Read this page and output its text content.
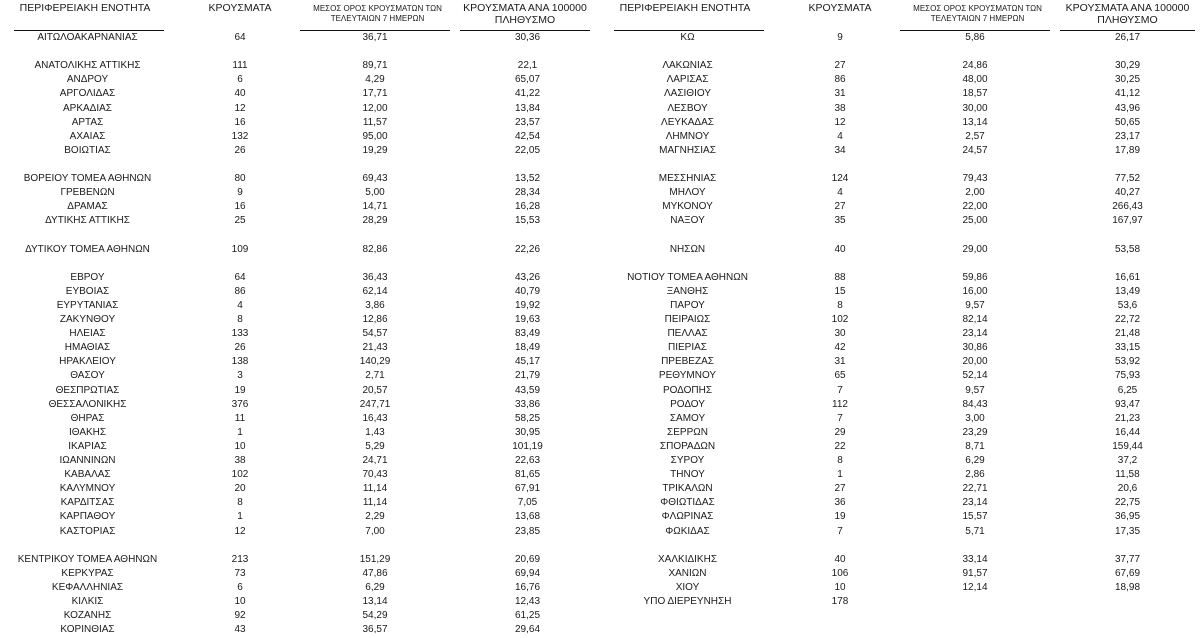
ΠΕΡΙΦΕΡΕΙΑΚΗ ΕΝΟΤΗΤΑ	ΚΡΟΥΣΜΑΤΑ	ΜΕΣΟΣ ΟΡΟΣ ΚΡΟΥΣΜΑΤΩΝ ΤΩΝ
ΤΕΛΕΥΤΑΙΩΝ 7 ΗΜΕΡΩΝ
ΚΡΟΥΣΜΑΤΑ ΑΝΑ 100000
ΠΛΗΘΥΣΜΟ
ΑΙΤΩΛΟΑΚΑΡΝΑΝΙΑΣ	64	36,71	30,36
ΑΝΑΤΟΛΙΚΗΣ ΑΤΤΙΚΗΣ	111	89,71	22,1
ΑΝΔΡΟΥ	6	4,29	65,07
ΑΡΓΟΛΙΔΑΣ	40	17,71	41,22
ΑΡΚΑΔΙΑΣ	12	12,00	13,84
ΑΡΤΑΣ	16	11,57	23,57
ΑΧΑΙΑΣ	132	95,00	42,54
ΒΟΙΩΤΙΑΣ	26	19,29	22,05
ΒΟΡΕΙΟΥ ΤΟΜΕΑ ΑΘΗΝΩΝ	80	69,43	13,52
ΓΡΕΒΕΝΩΝ	9	5,00	28,34
ΔΡΑΜΑΣ	16	14,71	16,28
ΔΥΤΙΚΗΣ ΑΤΤΙΚΗΣ	25	28,29	15,53
ΔΥΤΙΚΟΥ ΤΟΜΕΑ ΑΘΗΝΩΝ	109	82,86	22,26
ΕΒΡΟΥ	64	36,43	43,26
ΕΥΒΟΙΑΣ	86	62,14	40,79
ΕΥΡΥΤΑΝΙΑΣ	4	3,86	19,92
ΖΑΚΥΝΘΟΥ	8	12,86	19,63
ΗΛΕΙΑΣ	133	54,57	83,49
ΗΜΑΘΙΑΣ	26	21,43	18,49
ΗΡΑΚΛΕΙΟΥ	138	140,29	45,17
ΘΑΣΟΥ	3	2,71	21,79
ΘΕΣΠΡΩΤΙΑΣ	19	20,57	43,59
ΘΕΣΣΑΛΟΝΙΚΗΣ	376	247,71	33,86
ΘΗΡΑΣ	11	16,43	58,25
ΙΘΑΚΗΣ	1	1,43	30,95
ΙΚΑΡΙΑΣ	10	5,29	101,19
ΙΩΑΝΝΙΝΩΝ	38	24,71	22,63
ΚΑΒΑΛΑΣ	102	70,43	81,65
ΚΑΛΥΜΝΟΥ	20	11,14	67,91
ΚΑΡΔΙΤΣΑΣ	8	11,14	7,05
ΚΑΡΠΑΘΟΥ	1	2,29	13,68
ΚΑΣΤΟΡΙΑΣ	12	7,00	23,85
ΚΕΝΤΡΙΚΟΥ ΤΟΜΕΑ ΑΘΗΝΩΝ	213	151,29	20,69
ΚΕΡΚΥΡΑΣ	73	47,86	69,94
ΚΕΦΑΛΛΗΝΙΑΣ	6	6,29	16,76
ΚΙΛΚΙΣ	10	13,14	12,43
ΚΟΖΑΝΗΣ	92	54,29	61,25
ΚΟΡΙΝΘΙΑΣ	43	36,57	29,64
ΠΕΡΙΦΕΡΕΙΑΚΗ ΕΝΟΤΗΤΑ	ΚΡΟΥΣΜΑΤΑ	ΜΕΣΟΣ ΟΡΟΣ ΚΡΟΥΣΜΑΤΩΝ ΤΩΝ
ΤΕΛΕΥΤΑΙΩΝ 7 ΗΜΕΡΩΝ
ΚΡΟΥΣΜΑΤΑ ΑΝΑ 100000
ΠΛΗΘΥΣΜΟ
ΚΩ	9	5,86	26,17
ΛΑΚΩΝΙΑΣ	27	24,86	30,29
ΛΑΡΙΣΑΣ	86	48,00	30,25
ΛΑΣΙΘΙΟΥ	31	18,57	41,12
ΛΕΣΒΟΥ	38	30,00	43,96
ΛΕΥΚΑΔΑΣ	12	13,14	50,65
ΛΗΜΝΟΥ	4	2,57	23,17
ΜΑΓΝΗΣΙΑΣ	34	24,57	17,89
ΜΕΣΣΗΝΙΑΣ	124	79,43	77,52
ΜΗΛΟΥ	4	2,00	40,27
ΜΥΚΟΝΟΥ	27	22,00	266,43
ΝΑΞΟΥ	35	25,00	167,97
ΝΗΣΩΝ	40	29,00	53,58
ΝΟΤΙΟΥ ΤΟΜΕΑ ΑΘΗΝΩΝ	88	59,86	16,61
ΞΑΝΘΗΣ	15	16,00	13,49
ΠΑΡΟΥ	8	9,57	53,6
ΠΕΙΡΑΙΩΣ	102	82,14	22,72
ΠΕΛΛΑΣ	30	23,14	21,48
ΠΙΕΡΙΑΣ	42	30,86	33,15
ΠΡΕΒΕΖΑΣ	31	20,00	53,92
ΡΕΘΥΜΝΟΥ	65	52,14	75,93
ΡΟΔΟΠΗΣ	7	9,57	6,25
ΡΟΔΟΥ	112	84,43	93,47
ΣΑΜΟΥ	7	3,00	21,23
ΣΕΡΡΩΝ	29	23,29	16,44
ΣΠΟΡΑΔΩΝ	22	8,71	159,44
ΣΥΡΟΥ	8	6,29	37,2
ΤΗΝΟΥ	1	2,86	11,58
ΤΡΙΚΑΛΩΝ	27	22,71	20,6
ΦΘΙΩΤΙΔΑΣ	36	23,14	22,75
ΦΛΩΡΙΝΑΣ	19	15,57	36,95
ΦΩΚΙΔΑΣ	7	5,71	17,35
ΧΑΛΚΙΔΙΚΗΣ	40	33,14	37,77
ΧΑΝΙΩΝ	106	91,57	67,69
ΧΙΟΥ	10	12,14	18,98
ΥΠΟ ΔΙΕΡΕΥΝΗΣΗ	178
